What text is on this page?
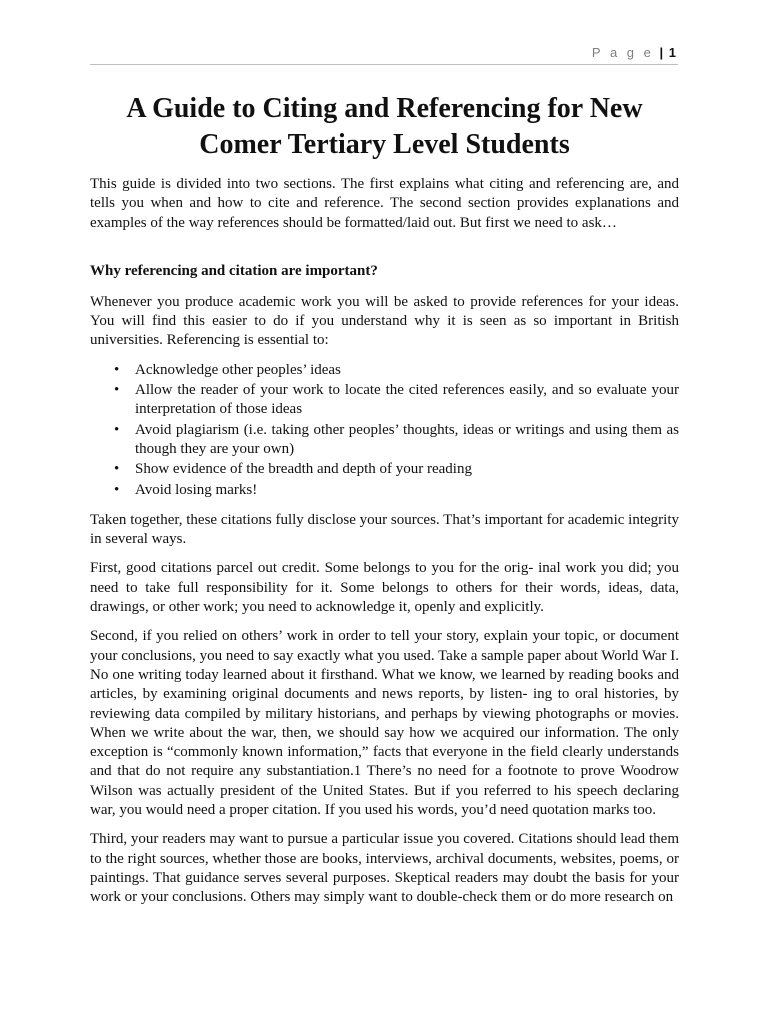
P a g e | 1
A Guide to Citing and Referencing for New Comer Tertiary Level Students

This guide is divided into two sections. The first explains what citing and referencing are, and tells you when and how to cite and reference. The second section provides explanations and examples of the way references should be formatted/laid out. But first we need to ask…

Why referencing and citation are important?

Whenever you produce academic work you will be asked to provide references for your ideas. You will find this easier to do if you understand why it is seen as so important in British universities. Referencing is essential to:

•	Acknowledge other peoples’ ideas
•	Allow the reader of your work to locate the cited references easily, and so evaluate your interpretation of those ideas
•	Avoid plagiarism (i.e. taking other peoples’ thoughts, ideas or writings and using them as though they are your own)
•	Show evidence of the breadth and depth of your reading
•	Avoid losing marks!

Taken together, these citations fully disclose your sources. That’s important for academic integrity in several ways.

First, good citations parcel out credit. Some belongs to you for the orig- inal work you did; you need to take full responsibility for it. Some belongs to others for their words, ideas, data, drawings, or other work; you need to acknowledge it, openly and explicitly.

Second, if you relied on others’ work in order to tell your story, explain your topic, or document your conclusions, you need to say exactly what you used. Take a sample paper about World War I. No one writing today learned about it firsthand. What we know, we learned by reading books and articles, by examining original documents and news reports, by listen- ing to oral histories, by reviewing data compiled by military historians, and perhaps by viewing photographs or movies. When we write about the war, then, we should say how we acquired our information. The only exception is “commonly known information,” facts that everyone in the field clearly understands and that do not require any substantiation.1 There’s no need for a footnote to prove Woodrow Wilson was actually president of the United States. But if you referred to his speech declaring war, you would need a proper citation. If you used his words, you’d need quotation marks too.

Third, your readers may want to pursue a particular issue you covered. Citations should lead them to the right sources, whether those are books, interviews, archival documents, websites, poems, or paintings. That guidance serves several purposes. Skeptical readers may doubt the basis for your work or your conclusions. Others may simply want to double-check them or do more research on
